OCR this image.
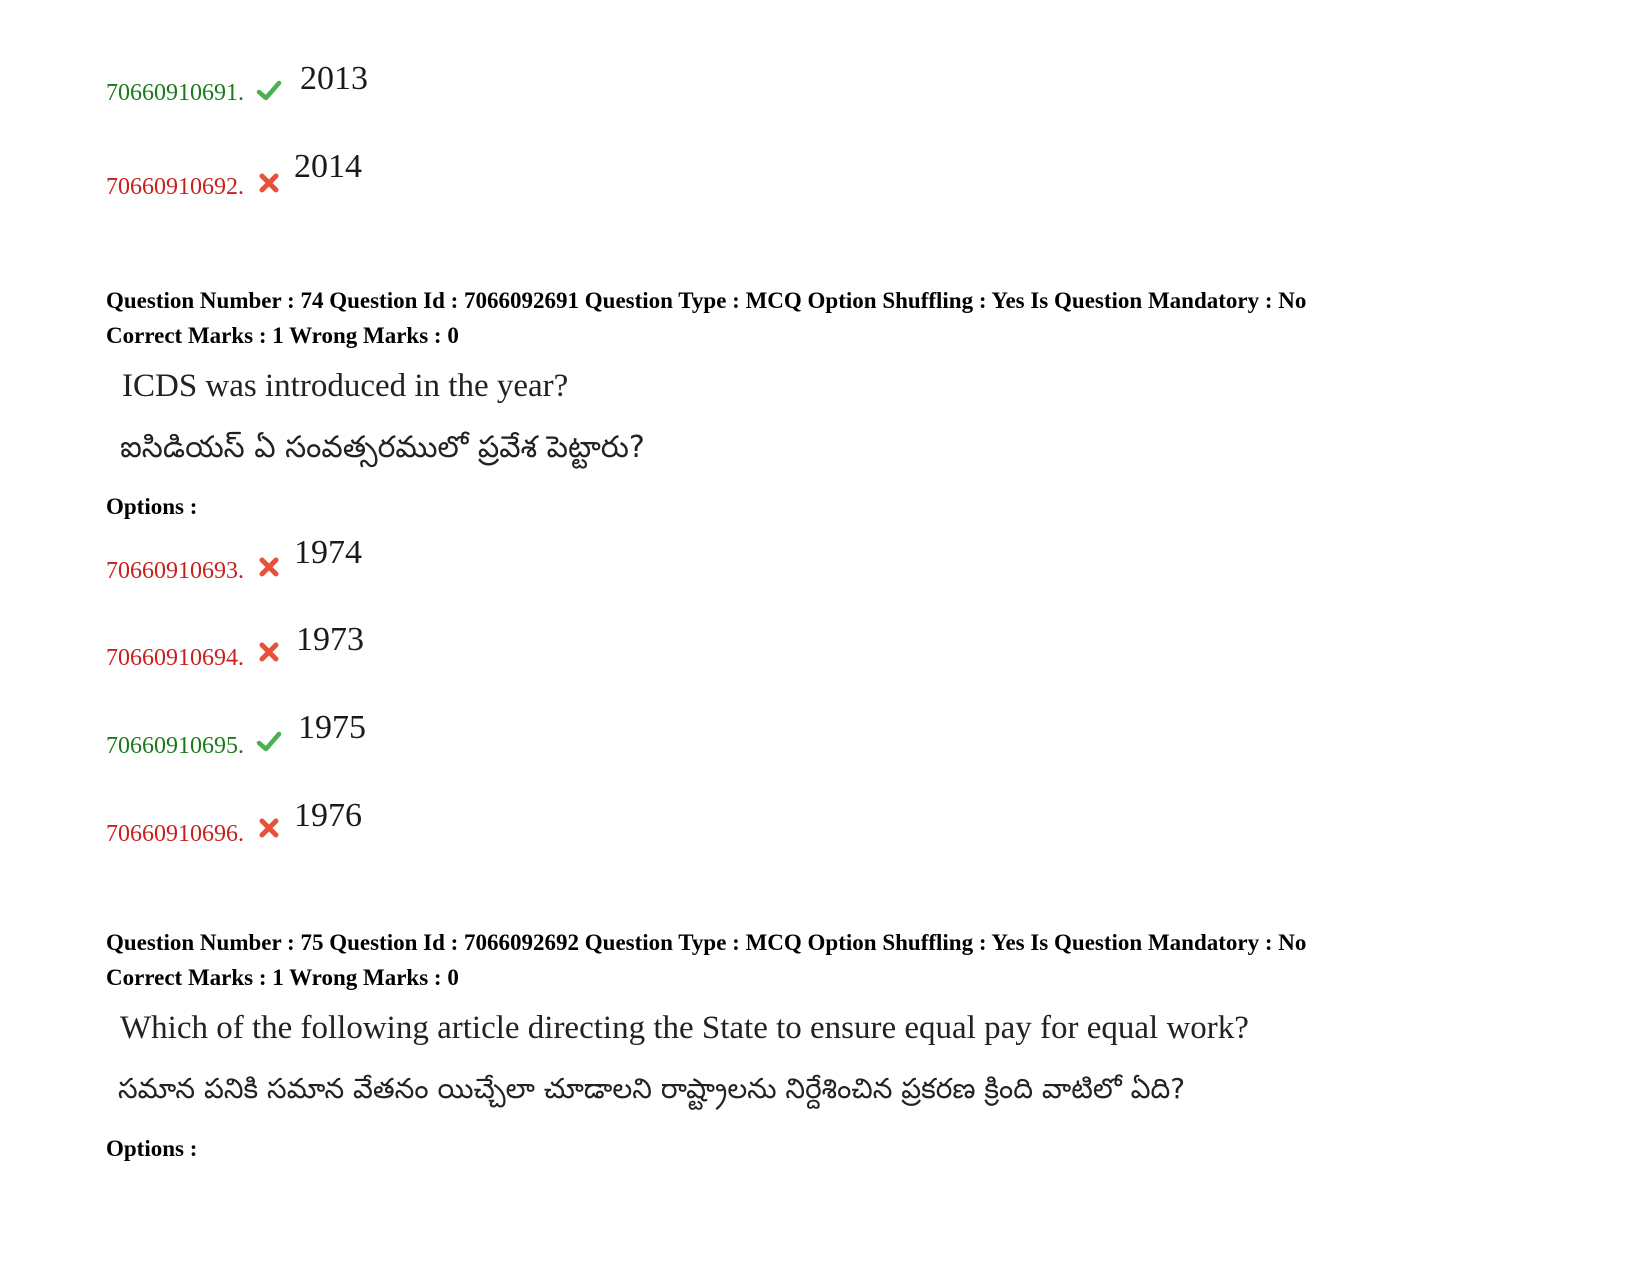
70660910691. 2013
70660910692.
2014
Question Number : 74 Question Id : 7066092691 Question Type : MCQ Option Shuffling : Yes Is Question Mandatory : No
Correct Marks : 1 Wrong Marks : 0
ICDS was introduced in the year?
ఐసిడియస్ ఏ సంవత్సరములో ప్రవేశ పెట్టారు?
Options :
70660910693. 1974
70660910694. 1973
70660910695. 1975
70660910696. 1976
Question Number : 75 Question Id : 7066092692 Question Type : MCQ Option Shuffling : Yes Is Question Mandatory : No
Correct Marks : 1 Wrong Marks : 0
Which of the following article directing the State to ensure equal pay for equal work?
సమాన పనికి సమాన వేతనం యిచ్చేలా చూడాలని రాష్ట్రాలను నిర్దేశించిన ప్రకరణ క్రింది వాటిలో ఏది?
Options :
